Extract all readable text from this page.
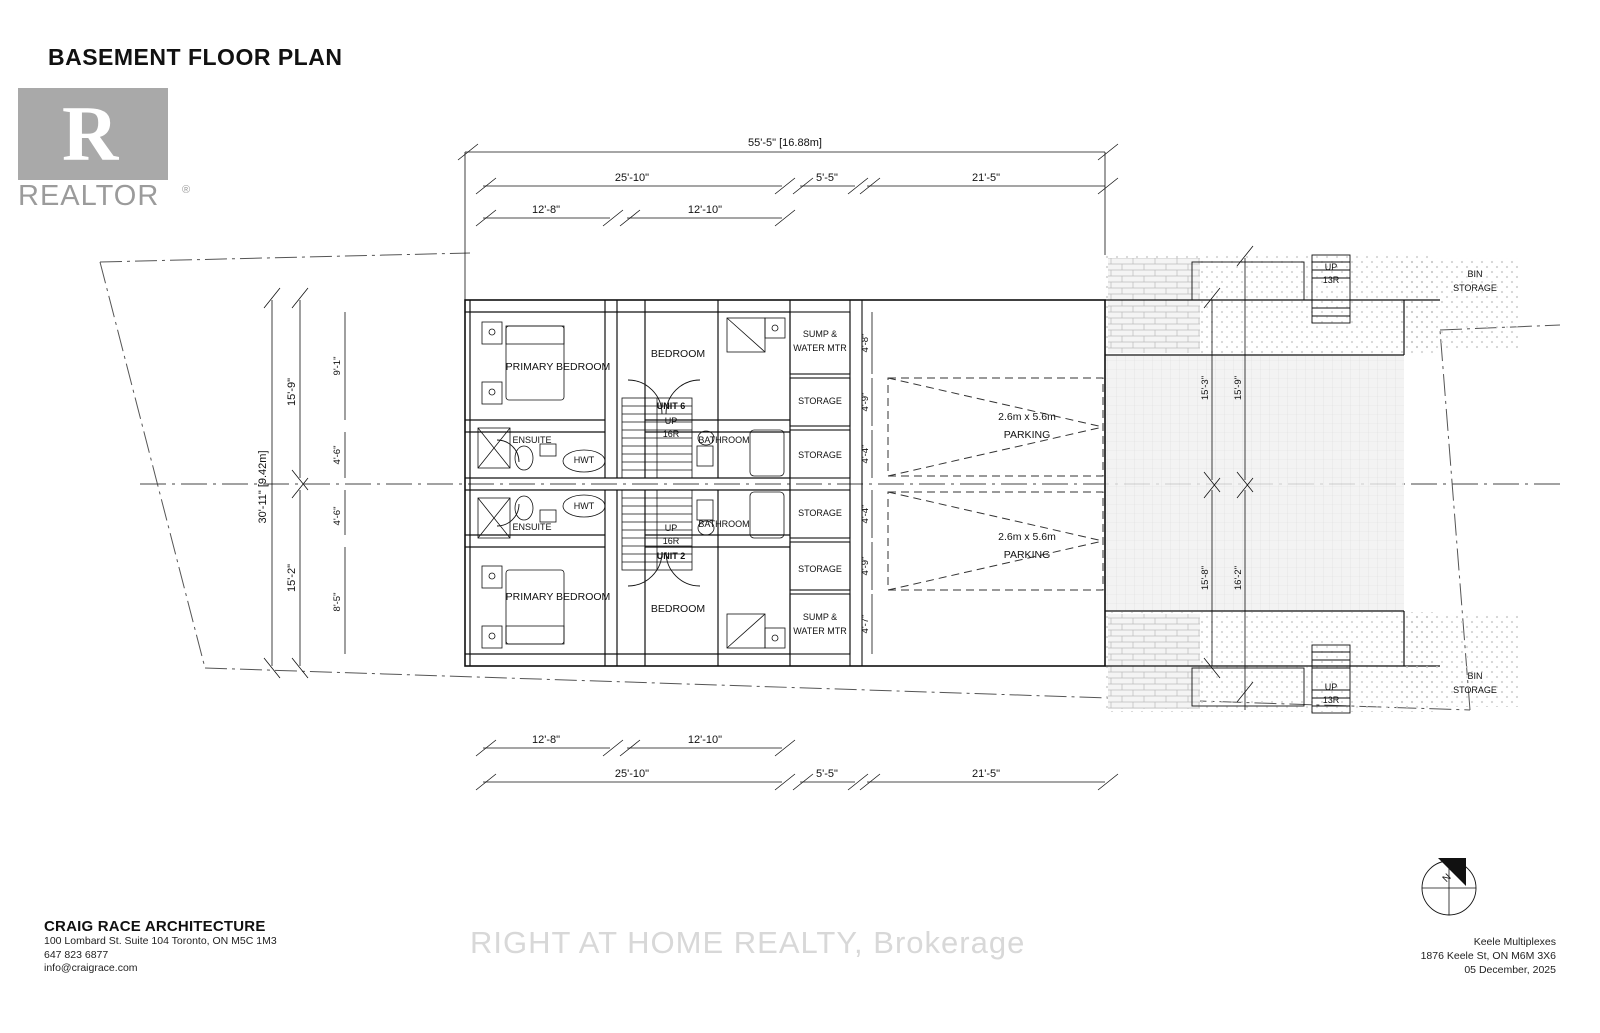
BASEMENT FLOOR PLAN
R
REALTOR ®
RIGHT AT HOME REALTY, Brokerage
CRAIG RACE ARCHITECTURE
100 Lombard St. Suite 104 Toronto, ON M5C 1M3
647 823 6877
info@craigrace.com
Keele Multiplexes
1876 Keele St, ON M6M 3X6
05 December, 2025
55'-5" [16.88m]
25'-10"	5'-5"	21'-5"
12'-8"	12'-10"
12'-8"	12'-10"
25'-10"	5'-5"	21'-5"
30'-11" [9.42m]
15'-9"
15'-2"
9'-1"
4'-6"
4'-6"
8'-5"
4'-8"
4'-9"
4'-4"
4'-4"
4'-9"
4'-7"
15'-3" 15'-9"
15'-8" 16'-2"
PRIMARY BEDROOM
BEDROOM
ENSUITE
HWT
BATHROOM
UNIT 6
UP
16R
SUMP &
WATER MTR
STORAGE
STORAGE
PRIMARY BEDROOM
BEDROOM
ENSUITE
HWT
BATHROOM
UP
16R
UNIT 2
STORAGE
STORAGE
SUMP &
WATER MTR
2.6m x 5.6m
PARKING
2.6m x 5.6m
PARKING
UP
13R
UP
13R
BIN
STORAGE
BIN
STORAGE
N
